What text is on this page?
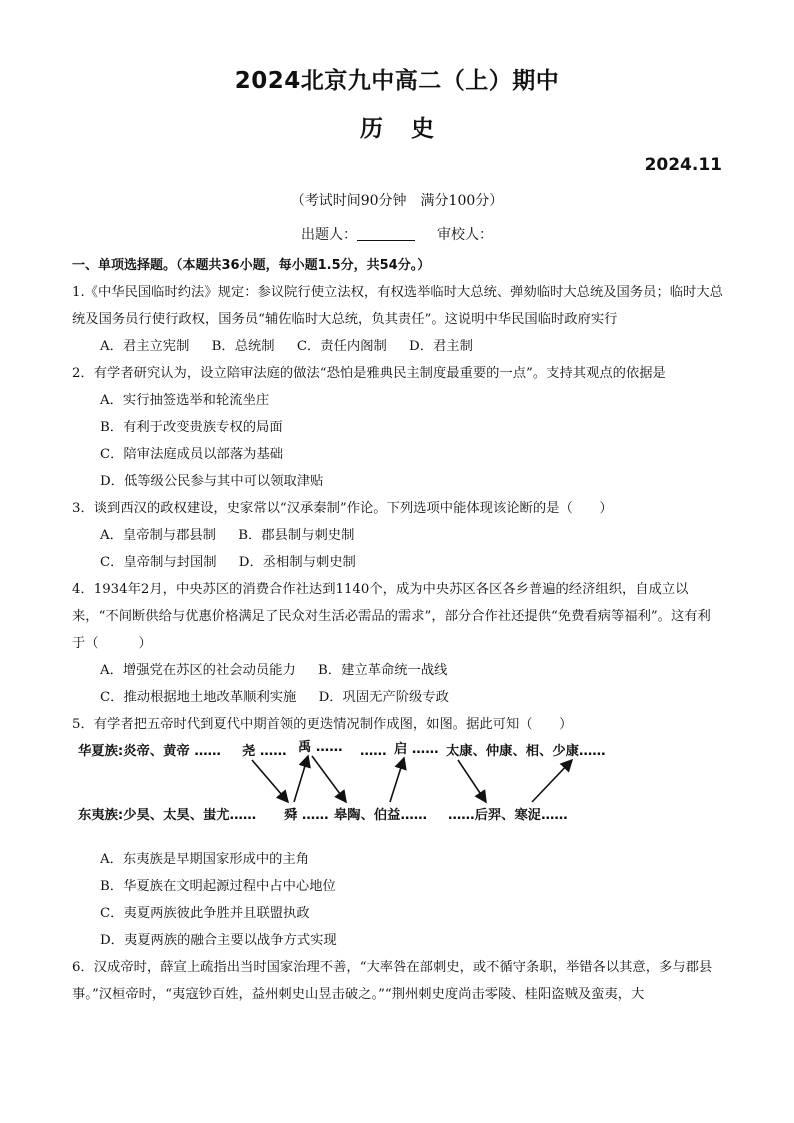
2024北京九中高二（上）期中
历史
2024.11
（考试时间90分钟　满分100分）
出题人：	审校人：
一、单项选择题。（本题共36小题，每小题1.5分，共54分。）
1.《中华民国临时约法》规定：参议院行使立法权，有权选举临时大总统、弹劾临时大总统及国务员；临时大总统及国务员行使行政权，国务员“辅佐临时大总统，负其责任”。这说明中华民国临时政府实行
A．君主立宪制 B．总统制 C．责任内阁制 D．君主制
2．有学者研究认为，设立陪审法庭的做法“恐怕是雅典民主制度最重要的一点”。支持其观点的依据是
A．实行抽签选举和轮流坐庄
B．有利于改变贵族专权的局面
C．陪审法庭成员以部落为基础
D．低等级公民参与其中可以领取津贴
3．谈到西汉的政权建设，史家常以“汉承秦制”作论。下列选项中能体现该论断的是（　　）
A．皇帝制与郡县制 B．郡县制与刺史制
C．皇帝制与封国制 D．丞相制与刺史制
4．1934年2月，中央苏区的消费合作社达到1140个，成为中央苏区各区各乡普遍的经济组织，自成立以来，“不间断供给与优惠价格满足了民众对生活必需品的需求”，部分合作社还提供“免费看病等福利”。这有利于（　　　）
A．增强党在苏区的社会动员能力 B．建立革命统一战线
C．推动根据地土地改革顺利实施 D．巩固无产阶级专政
5．有学者把五帝时代到夏代中期首领的更迭情况制作成图，如图。据此可知（　　）
华夏族:炎帝、黄帝 …… 尧 …… 禹 …… …… 启 …… 太康、仲康、相、少康……
东夷族:少昊、太昊、蚩尤…… 舜 …… 皋陶、伯益…… ……后羿、寒浞……
A．东夷族是早期国家形成中的主角
B．华夏族在文明起源过程中占中心地位
C．夷夏两族彼此争胜并且联盟执政
D．夷夏两族的融合主要以战争方式实现
6．汉成帝时，薛宣上疏指出当时国家治理不善，“大率咎在部刺史，或不循守条职，举错各以其意，多与郡县事。”汉桓帝时，“夷寇钞百姓，益州刺史山昱击破之。”“荆州刺史度尚击零陵、桂阳盗贼及蛮夷，大
